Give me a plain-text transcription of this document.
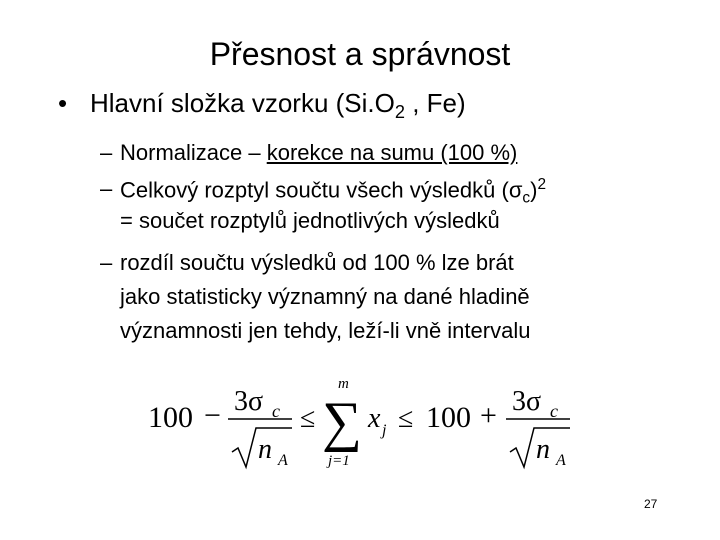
Přesnost a správnost
• Hlavní složka vzorku ($Si.O_2$ , Fe)
– Normalizace – korekce na sumu (100 %)
– Celkový rozptyl součtu všech výsledků $(\sigma_c)^2$
= součet rozptylů jednotlivých výsledků
– rozdíl součtu výsledků od 100 % lze brát
jako statisticky významný na dané hladině
významnosti jen tehdy, leží-li vně intervalu
100 − 3σ c
n A
≤
m
∑
j=1
x j ≤ 100 + 3σ c
n A
27
